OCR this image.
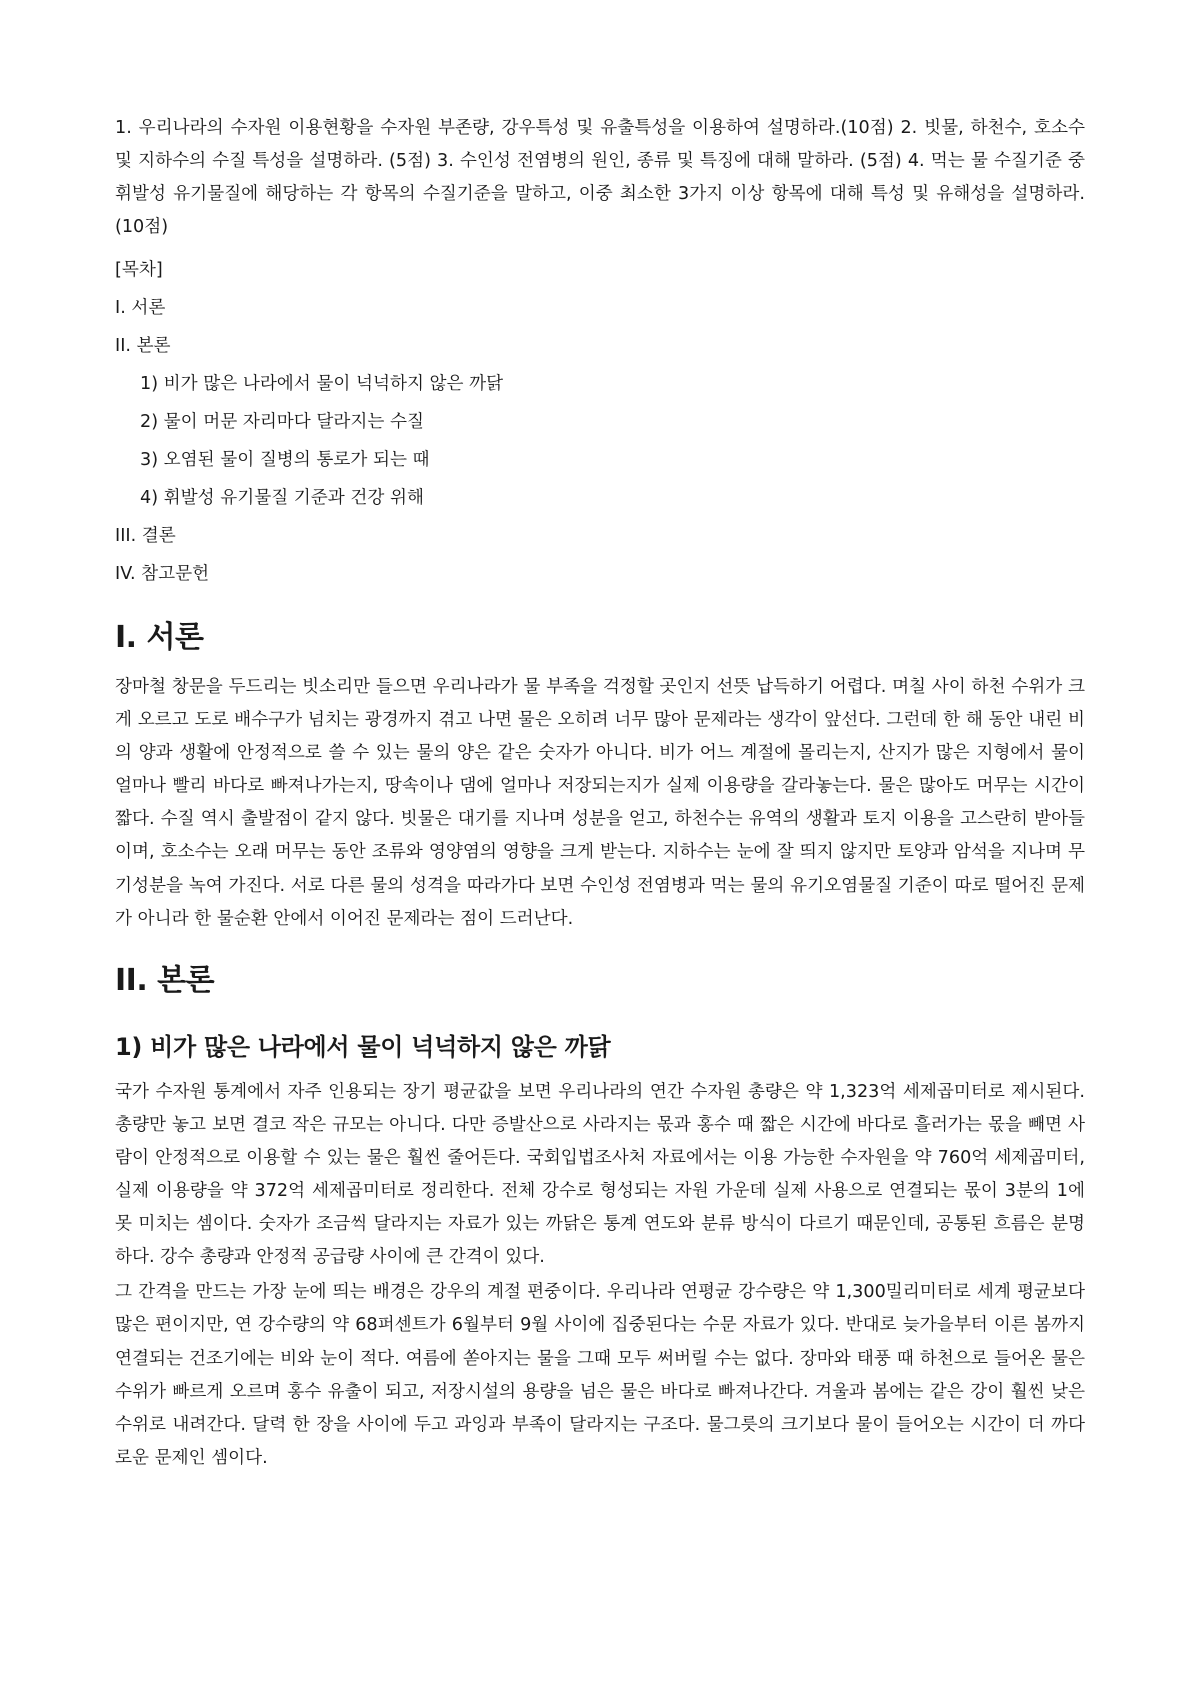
1. 우리나라의 수자원 이용현황을 수자원 부존량, 강우특성 및 유출특성을 이용하여 설명하라.(10점) 2. 빗물, 하천수, 호소수 및 지하수의 수질 특성을 설명하라. (5점) 3. 수인성 전염병의 원인, 종류 및 특징에 대해 말하라. (5점) 4. 먹는 물 수질기준 중 휘발성 유기물질에 해당하는 각 항목의 수질기준을 말하고, 이중 최소한 3가지 이상 항목에 대해 특성 및 유해성을 설명하라. (10점)

[목차]

I. 서론

II. 본론

1) 비가 많은 나라에서 물이 넉넉하지 않은 까닭

2) 물이 머문 자리마다 달라지는 수질

3) 오염된 물이 질병의 통로가 되는 때

4) 휘발성 유기물질 기준과 건강 위해

III. 결론

IV. 참고문헌

I. 서론

장마철 창문을 두드리는 빗소리만 들으면 우리나라가 물 부족을 걱정할 곳인지 선뜻 납득하기 어렵다. 며칠 사이 하천 수위가 크게 오르고 도로 배수구가 넘치는 광경까지 겪고 나면 물은 오히려 너무 많아 문제라는 생각이 앞선다. 그런데 한 해 동안 내린 비의 양과 생활에 안정적으로 쓸 수 있는 물의 양은 같은 숫자가 아니다. 비가 어느 계절에 몰리는지, 산지가 많은 지형에서 물이 얼마나 빨리 바다로 빠져나가는지, 땅속이나 댐에 얼마나 저장되는지가 실제 이용량을 갈라놓는다. 물은 많아도 머무는 시간이 짧다. 수질 역시 출발점이 같지 않다. 빗물은 대기를 지나며 성분을 얻고, 하천수는 유역의 생활과 토지 이용을 고스란히 받아들이며, 호소수는 오래 머무는 동안 조류와 영양염의 영향을 크게 받는다. 지하수는 눈에 잘 띄지 않지만 토양과 암석을 지나며 무기성분을 녹여 가진다. 서로 다른 물의 성격을 따라가다 보면 수인성 전염병과 먹는 물의 유기오염물질 기준이 따로 떨어진 문제가 아니라 한 물순환 안에서 이어진 문제라는 점이 드러난다.

II. 본론
1) 비가 많은 나라에서 물이 넉넉하지 않은 까닭

국가 수자원 통계에서 자주 인용되는 장기 평균값을 보면 우리나라의 연간 수자원 총량은 약 1,323억 세제곱미터로 제시된다. 총량만 놓고 보면 결코 작은 규모는 아니다. 다만 증발산으로 사라지는 몫과 홍수 때 짧은 시간에 바다로 흘러가는 몫을 빼면 사람이 안정적으로 이용할 수 있는 물은 훨씬 줄어든다. 국회입법조사처 자료에서는 이용 가능한 수자원을 약 760억 세제곱미터, 실제 이용량을 약 372억 세제곱미터로 정리한다. 전체 강수로 형성되는 자원 가운데 실제 사용으로 연결되는 몫이 3분의 1에 못 미치는 셈이다. 숫자가 조금씩 달라지는 자료가 있는 까닭은 통계 연도와 분류 방식이 다르기 때문인데, 공통된 흐름은 분명하다. 강수 총량과 안정적 공급량 사이에 큰 간격이 있다.

그 간격을 만드는 가장 눈에 띄는 배경은 강우의 계절 편중이다. 우리나라 연평균 강수량은 약 1,300밀리미터로 세계 평균보다 많은 편이지만, 연 강수량의 약 68퍼센트가 6월부터 9월 사이에 집중된다는 수문 자료가 있다. 반대로 늦가을부터 이른 봄까지 연결되는 건조기에는 비와 눈이 적다. 여름에 쏟아지는 물을 그때 모두 써버릴 수는 없다. 장마와 태풍 때 하천으로 들어온 물은 수위가 빠르게 오르며 홍수 유출이 되고, 저장시설의 용량을 넘은 물은 바다로 빠져나간다. 겨울과 봄에는 같은 강이 훨씬 낮은 수위로 내려간다. 달력 한 장을 사이에 두고 과잉과 부족이 달라지는 구조다. 물그릇의 크기보다 물이 들어오는 시간이 더 까다로운 문제인 셈이다.
